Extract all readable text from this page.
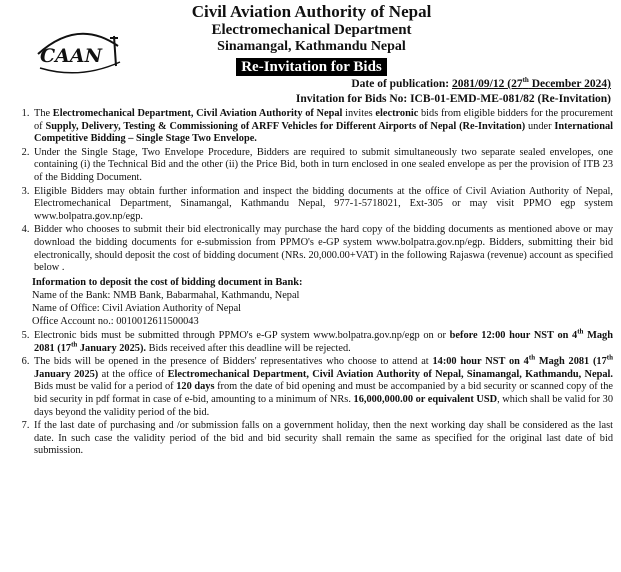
CAAN
Civil Aviation Authority of Nepal
Electromechanical Department
Sinamangal, Kathmandu Nepal
Re-Invitation for Bids
Date of publication: 2081/09/12 (27th December 2024)
Invitation for Bids No: ICB-01-EMD-ME-081/82 (Re-Invitation)
1. The Electromechanical Department, Civil Aviation Authority of Nepal invites electronic bids from eligible bidders for the procurement of Supply, Delivery, Testing & Commissioning of ARFF Vehicles for Different Airports of Nepal (Re-Invitation) under International Competitive Bidding – Single Stage Two Envelope.
2. Under the Single Stage, Two Envelope Procedure, Bidders are required to submit simultaneously two separate sealed envelopes, one containing (i) the Technical Bid and the other (ii) the Price Bid, both in turn enclosed in one sealed envelope as per the provision of ITB 23 of the Bidding Document.
3. Eligible Bidders may obtain further information and inspect the bidding documents at the office of Civil Aviation Authority of Nepal, Electromechanical Department, Sinamangal, Kathmandu Nepal, 977-1-5718021, Ext-305 or may visit PPMO egp system www.bolpatra.gov.np/egp.
4. Bidder who chooses to submit their bid electronically may purchase the hard copy of the bidding documents as mentioned above or may download the bidding documents for e-submission from PPMO's e-GP system www.bolpatra.gov.np/egp. Bidders, submitting their bid electronically, should deposit the cost of bidding document (NRs. 20,000.00+VAT) in the following Rajaswa (revenue) account as specified below .
Information to deposit the cost of bidding document in Bank:
Name of the Bank: NMB Bank, Babarmahal, Kathmandu, Nepal
Name of Office: Civil Aviation Authority of Nepal
Office Account no.: 0010012611500043
5. Electronic bids must be submitted through PPMO's e-GP system www.bolpatra.gov.np/egp on or before 12:00 hour NST on 4th Magh 2081 (17th January 2025). Bids received after this deadline will be rejected.
6. The bids will be opened in the presence of Bidders' representatives who choose to attend at 14:00 hour NST on 4th Magh 2081 (17th January 2025) at the office of Electromechanical Department, Civil Aviation Authority of Nepal, Sinamangal, Kathmandu, Nepal. Bids must be valid for a period of 120 days from the date of bid opening and must be accompanied by a bid security or scanned copy of the bid security in pdf format in case of e-bid, amounting to a minimum of NRs. 16,000,000.00 or equivalent USD, which shall be valid for 30 days beyond the validity period of the bid.
7. If the last date of purchasing and /or submission falls on a government holiday, then the next working day shall be considered as the last date. In such case the validity period of the bid and bid security shall remain the same as specified for the original last date of bid submission.
